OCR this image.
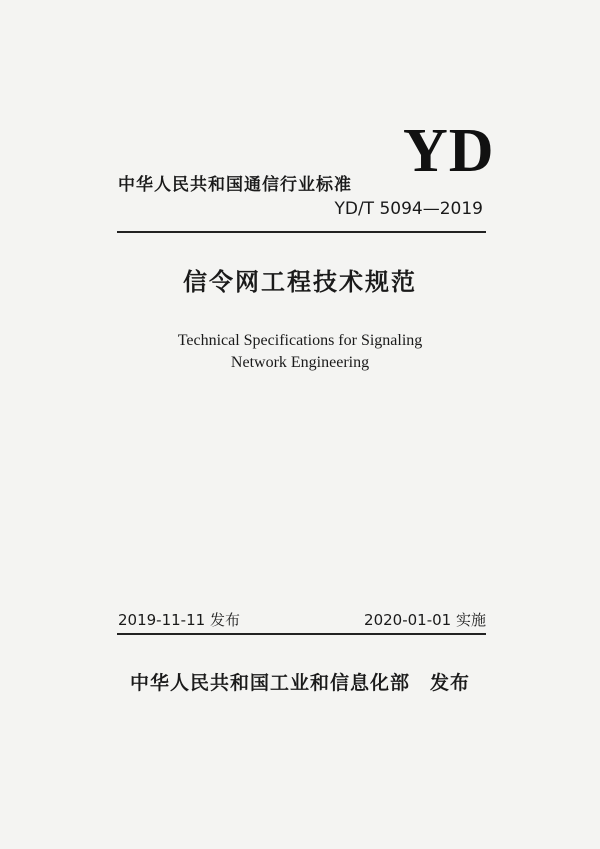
YD
中华人民共和国通信行业标准
YD/T 5094—2019
信令网工程技术规范
Technical Specifications for Signaling
Network Engineering
2019-11-11 发布	2020-01-01 实施
中华人民共和国工业和信息化部　发布
